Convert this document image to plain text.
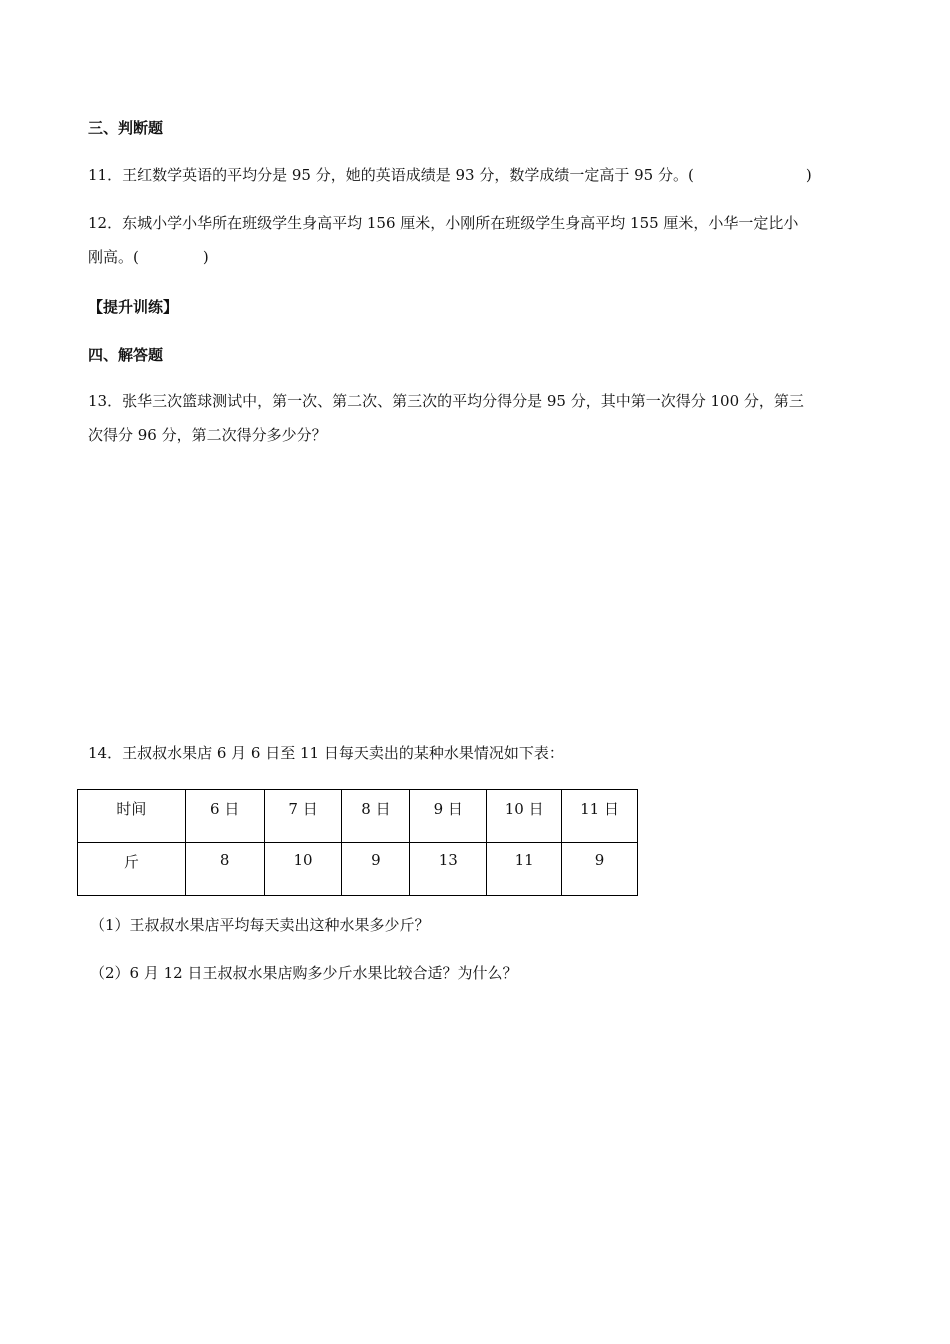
三、判断题
11．王红数学英语的平均分是 95 分，她的英语成绩是 93 分，数学成绩一定高于 95 分。(	)
12．东城小学小华所在班级学生身高平均 156 厘米，小刚所在班级学生身高平均 155 厘米，小华一定比小
刚高。(	)
【提升训练】
四、解答题
13．张华三次篮球测试中，第一次、第二次、第三次的平均分得分是 95 分，其中第一次得分 100 分，第三
次得分 96 分，第二次得分多少分？
14．王叔叔水果店 6 月 6 日至 11 日每天卖出的某种水果情况如下表：
时间	6 日	7 日	8 日	9 日	10 日	11 日
斤	8	10	9	13	11	9
（1）王叔叔水果店平均每天卖出这种水果多少斤？
（2）6 月 12 日王叔叔水果店购多少斤水果比较合适？为什么？
